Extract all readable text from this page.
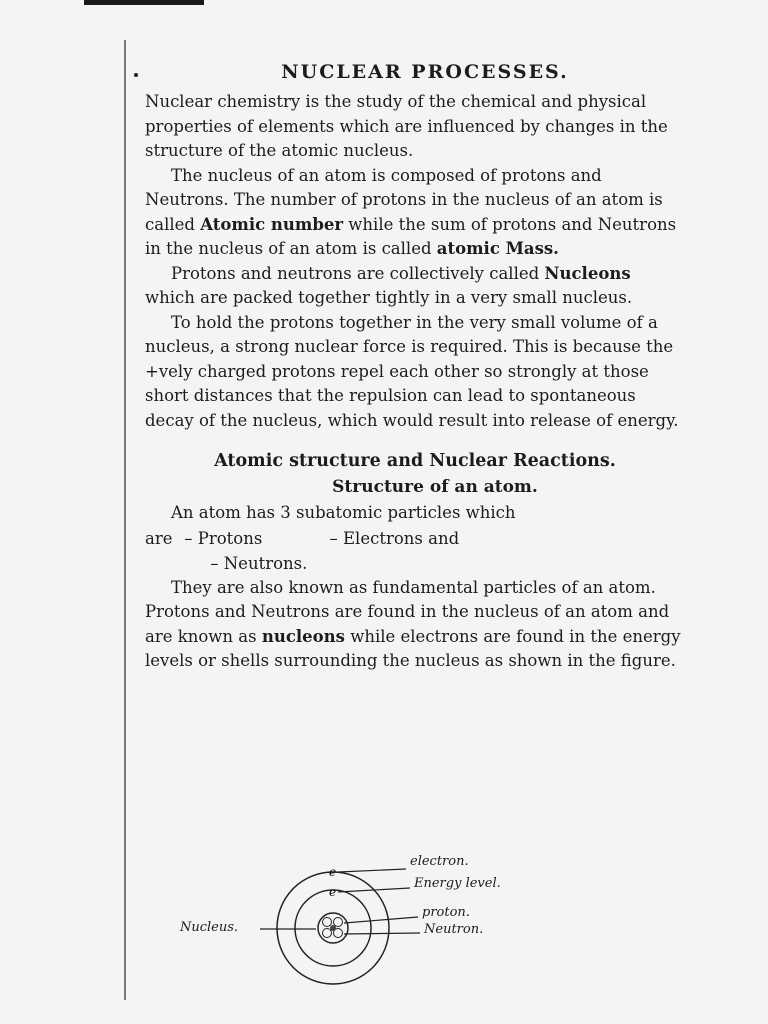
NUCLEAR PROCESSES.

Nuclear chemistry is the study of the chemical and physical properties of elements which are influenced by changes in the structure of the atomic nucleus.

The nucleus of an atom is composed of protons and Neutrons. The number of protons in the nucleus of an atom is called Atomic number while the sum of protons and Neutrons in the nucleus of an atom is called atomic Mass.

Protons and neutrons are collectively called Nucleons which are packed together tightly in a very small nucleus.

To hold the protons together in the very small volume of a nucleus, a strong nuclear force is required. This is because the +vely charged protons repel each other so strongly at those short distances that the repulsion can lead to spontaneous decay of the nucleus, which would result into release of energy.

Atomic structure and Nuclear Reactions.
Structure of an atom.

An atom has 3 subatomic particles which

are – Protons	– Electrons and
– Neutrons.

They are also known as fundamental particles of an atom. Protons and Neutrons are found in the nucleus of an atom and are known as nucleons while electrons are found in the energy levels or shells surrounding the nucleus as shown in the figure.

e
e
electron.
Energy level.
proton.
Neutron.
Nucleus.
